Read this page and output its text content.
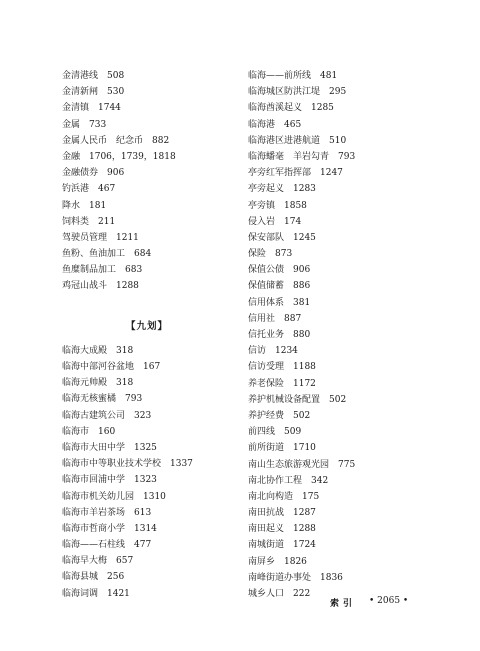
金清港线　508
金清新闸　530
金清镇　1744
金属　733
金属人民币　纪念币　882
金融　1706，1739，1818
金融债券　906
钓浜港　467
降水　181
饲料类　211
驾驶员管理　1211
鱼粉、鱼油加工　684
鱼糜制品加工　683
鸡冠山战斗　1288
【九划】
临海大成殿　318
临海中部河谷盆地　167
临海元帅殿　318
临海无核蜜橘　793
临海古建筑公司　323
临海市　160
临海市大田中学　1325
临海市中等职业技术学校　1337
临海市回浦中学　1323
临海市机关幼儿园　1310
临海市羊岩茶场　613
临海市哲商小学　1314
临海——石柱线　477
临海早大梅　657
临海县城　256
临海词调　1421
临海——前所线　481
临海城区防洪江堤　295
临海酋溪起义　1285
临海港　465
临海港区进港航道　510
临海蟠毫　羊岩勾青　793
亭旁红军指挥部　1247
亭旁起义　1283
亭旁镇　1858
侵入岩　174
保安部队　1245
保险　873
保值公债　906
保值储蓄　886
信用体系　381
信用社　887
信托业务　880
信访　1234
信访受理　1188
养老保险　1172
养护机械设备配置　502
养护经费　502
前四线　509
前所街道　1710
南山生态旅游观光园　775
南北协作工程　342
南北向构造　175
南田抗战　1287
南田起义　1288
南城街道　1724
南屏乡　1826
南峰街道办事处　1836
城乡人口　222
索引 • 2065 •
